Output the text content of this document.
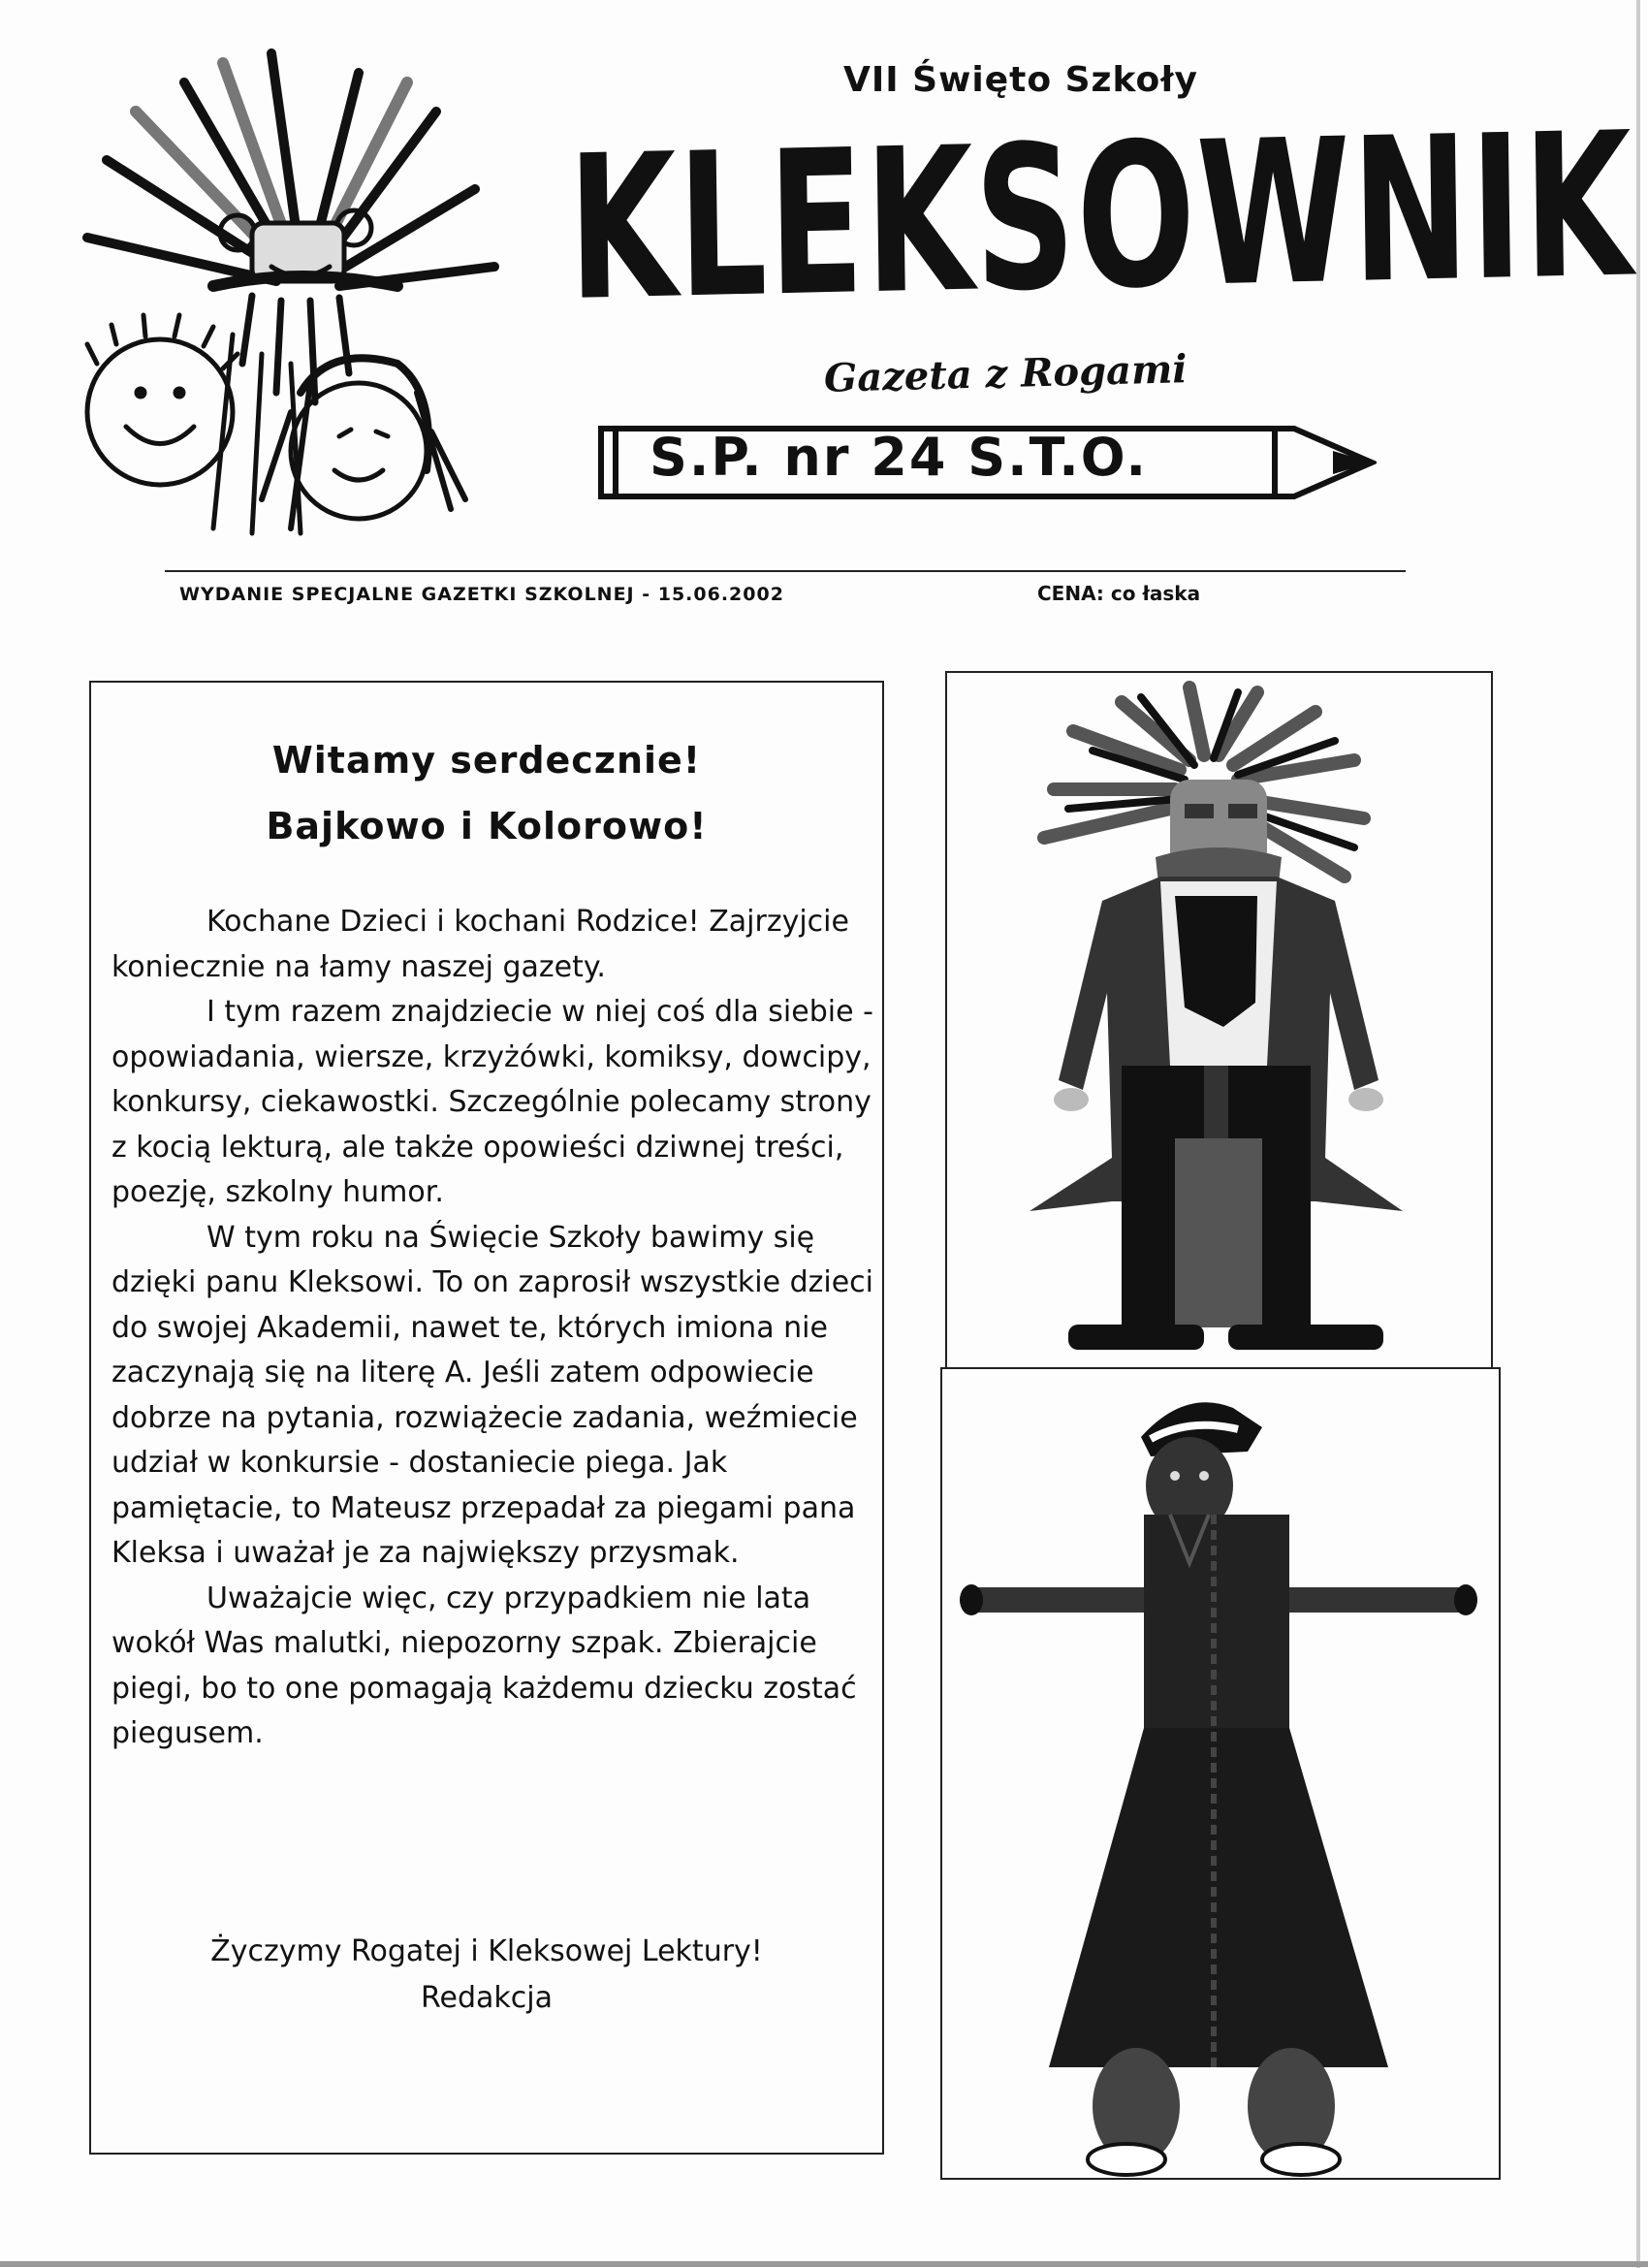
VII Święto Szkoły
KLEKSOWNIK
Gazeta z Rogami
S.P. nr 24 S.T.O.
WYDANIE SPECJALNE GAZETKI SZKOLNEJ - 15.06.2002	CENA: co łaska
Witamy serdecznie!
Bajkowo i Kolorowo!

Kochane Dzieci i kochani Rodzice! Zajrzyjcie koniecznie na łamy naszej gazety.

I tym razem znajdziecie w niej coś dla siebie - opowiadania, wiersze, krzyżówki, komiksy, dowcipy, konkursy, ciekawostki. Szczególnie polecamy strony z kocią lekturą, ale także opowieści dziwnej treści, poezję, szkolny humor.

W tym roku na Święcie Szkoły bawimy się dzięki panu Kleksowi. To on zaprosił wszystkie dzieci do swojej Akademii, nawet te, których imiona nie zaczynają się na literę A. Jeśli zatem odpowiecie dobrze na pytania, rozwiążecie zadania, weźmiecie udział w konkursie - dostaniecie piega. Jak pamiętacie, to Mateusz przepadał za piegami pana Kleksa i uważał je za największy przysmak.

Uważajcie więc, czy przypadkiem nie lata wokół Was malutki, niepozorny szpak. Zbierajcie piegi, bo to one pomagają każdemu dziecku zostać piegusem.

Życzymy Rogatej i Kleksowej Lektury!
Redakcja
